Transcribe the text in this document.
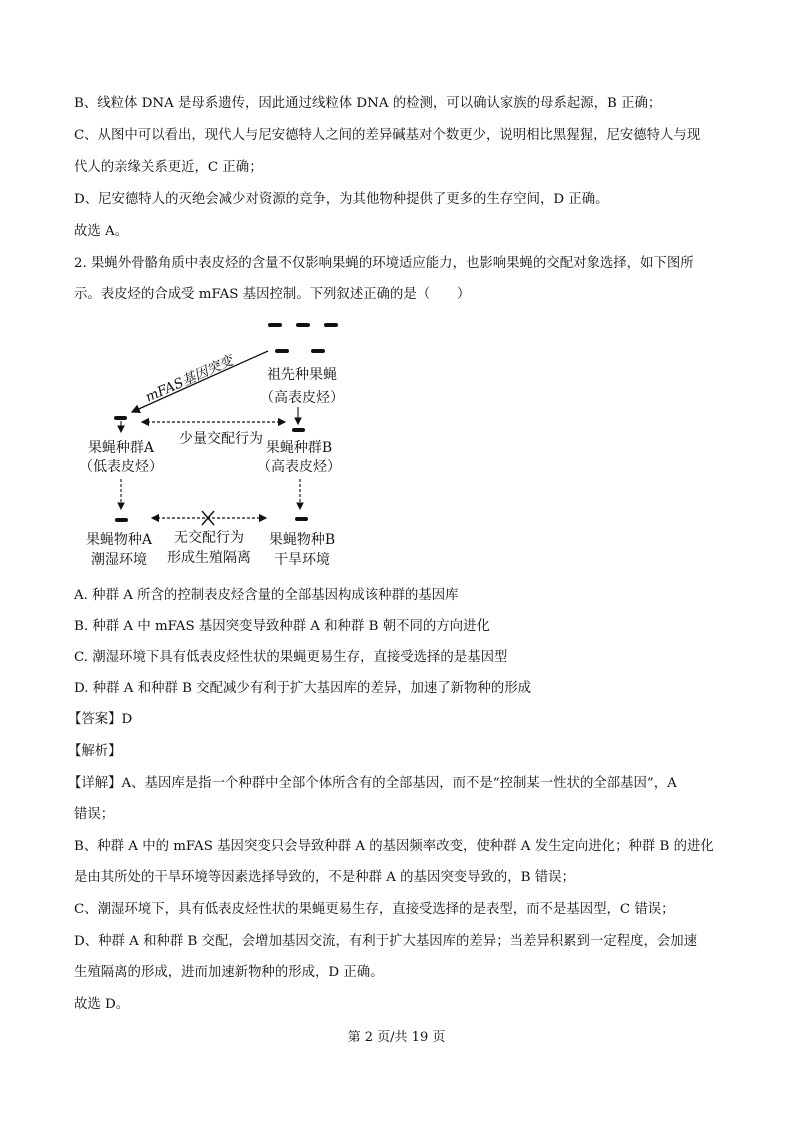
B、线粒体 DNA 是母系遗传，因此通过线粒体 DNA 的检测，可以确认家族的母系起源，B 正确；
C、从图中可以看出，现代人与尼安德特人之间的差异碱基对个数更少，说明相比黑猩猩，尼安德特人与现
代人的亲缘关系更近，C 正确；
D、尼安德特人的灭绝会减少对资源的竞争，为其他物种提供了更多的生存空间，D 正确。
故选 A。
2. 果蝇外骨骼角质中表皮烃的含量不仅影响果蝇的环境适应能力，也影响果蝇的交配对象选择，如下图所
示。表皮烃的合成受 mFAS 基因控制。下列叙述正确的是（　　）
祖先种果蝇
（高表皮烃）
mFAS基因突变
少量交配行为
果蝇种群A
（低表皮烃）
果蝇种群B
（高表皮烃）
无交配行为
形成生殖隔离
果蝇物种A
潮湿环境
果蝇物种B
干旱环境
A. 种群 A 所含的控制表皮烃含量的全部基因构成该种群的基因库
B. 种群 A 中 mFAS 基因突变导致种群 A 和种群 B 朝不同的方向进化
C. 潮湿环境下具有低表皮烃性状的果蝇更易生存，直接受选择的是基因型
D. 种群 A 和种群 B 交配减少有利于扩大基因库的差异，加速了新物种的形成
【答案】D
【解析】
【详解】A、基因库是指一个种群中全部个体所含有的全部基因，而不是“控制某一性状的全部基因”，A
错误；
B、种群 A 中的 mFAS 基因突变只会导致种群 A 的基因频率改变，使种群 A 发生定向进化；种群 B 的进化
是由其所处的干旱环境等因素选择导致的，不是种群 A 的基因突变导致的，B 错误；
C、潮湿环境下，具有低表皮烃性状的果蝇更易生存，直接受选择的是表型，而不是基因型，C 错误；
D、种群 A 和种群 B 交配，会增加基因交流，有利于扩大基因库的差异；当差异积累到一定程度，会加速
生殖隔离的形成，进而加速新物种的形成，D 正确。
故选 D。
第 2 页/共 19 页
